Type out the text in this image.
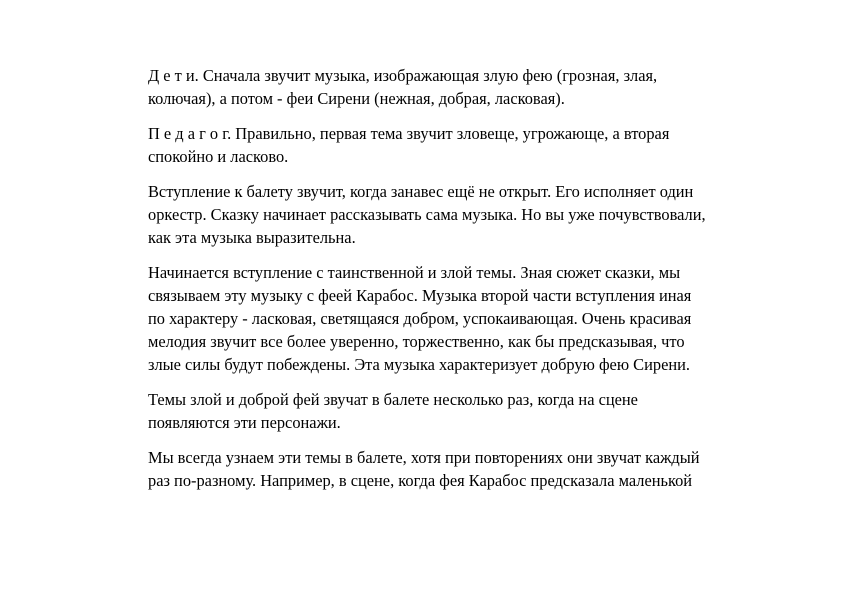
Д е т и. Сначала звучит музыка, изображающая злую фею (грозная, злая,
колючая), а потом - феи Сирени (нежная, добрая, ласковая).

П е д а г о г. Правильно, первая тема звучит зловеще, угрожающе, а вторая
спокойно и ласково.

Вступление к балету звучит, когда занавес ещё не открыт. Его исполняет один
оркестр. Сказку начинает рассказывать сама музыка. Но вы уже почувствовали,
как эта музыка выразительна.

Начинается вступление с таинственной и злой темы. Зная сюжет сказки, мы
связываем эту музыку с феей Карабос. Музыка второй части вступления иная
по характеру - ласковая, светящаяся добром, успокаивающая. Очень красивая
мелодия звучит все более уверенно, торжественно, как бы предсказывая, что
злые силы будут побеждены. Эта музыка характеризует добрую фею Сирени.

Темы злой и доброй фей звучат в балете несколько раз, когда на сцене
появляются эти персонажи.

Мы всегда узнаем эти темы в балете, хотя при повторениях они звучат каждый
раз по-разному. Например, в сцене, когда фея Карабос предсказала маленькой
